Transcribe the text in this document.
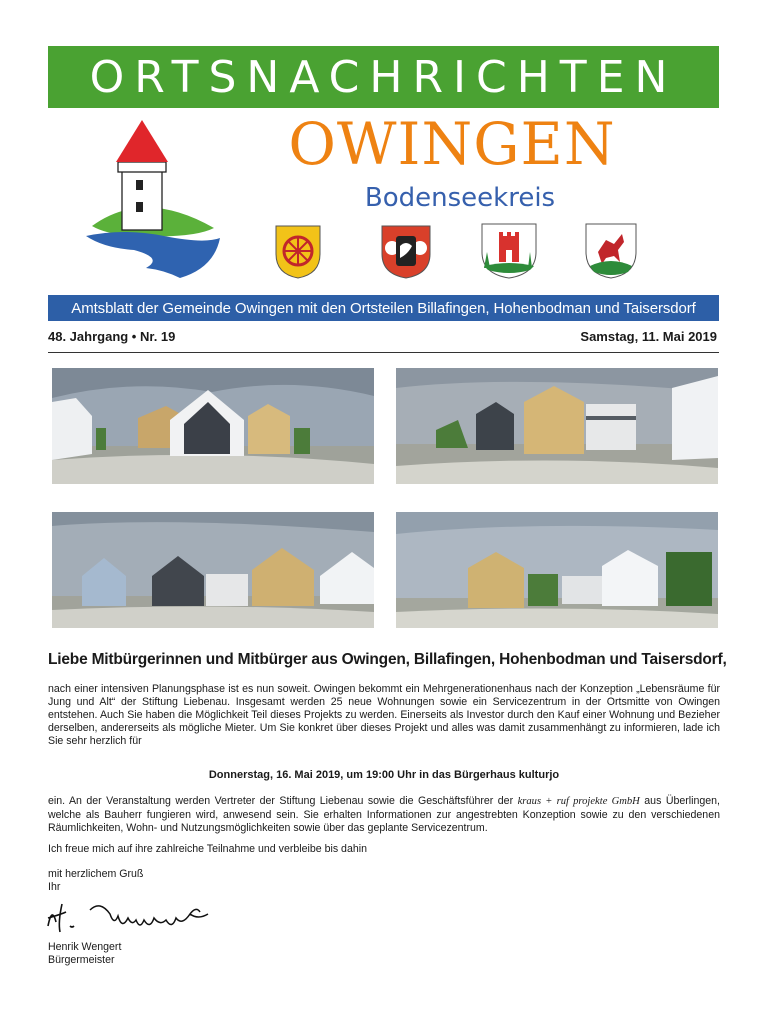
ORTSNACHRICHTEN
OWINGEN
Bodenseekreis
Amtsblatt der Gemeinde Owingen mit den Ortsteilen Billafingen, Hohenbodman und Taisersdorf
48. Jahrgang • Nr. 19	Samstag, 11. Mai 2019
Liebe Mitbürgerinnen und Mitbürger aus Owingen, Billafingen, Hohenbodman und Taisersdorf,
nach einer intensiven Planungsphase ist es nun soweit. Owingen bekommt ein Mehrgenerationenhaus nach der Konzeption „Lebensräume für Jung und Alt“ der Stiftung Liebenau. Insgesamt werden 25 neue Wohnungen sowie ein Servicezentrum in der Ortsmitte von Owingen entstehen. Auch Sie haben die Möglichkeit Teil dieses Projekts zu werden. Einerseits als Investor durch den Kauf einer Wohnung und Bezieher derselben, andererseits als mögliche Mieter. Um Sie konkret über dieses Projekt und alles was damit zusammenhängt zu informieren, lade ich Sie sehr herzlich für
Donnerstag, 16. Mai 2019, um 19:00 Uhr in das Bürgerhaus kulturjo
ein. An der Veranstaltung werden Vertreter der Stiftung Liebenau sowie die Geschäftsführer der kraus + ruf projekte GmbH aus Überlingen, welche als Bauherr fungieren wird, anwesend sein. Sie erhalten Informationen zur angestrebten Konzeption sowie zu den verschiedenen Räumlichkeiten, Wohn- und Nutzungsmöglichkeiten sowie über das geplante Servicezentrum.
Ich freue mich auf ihre zahlreiche Teilnahme und verbleibe bis dahin
mit herzlichem Gruß
Ihr
Henrik Wengert
Bürgermeister
